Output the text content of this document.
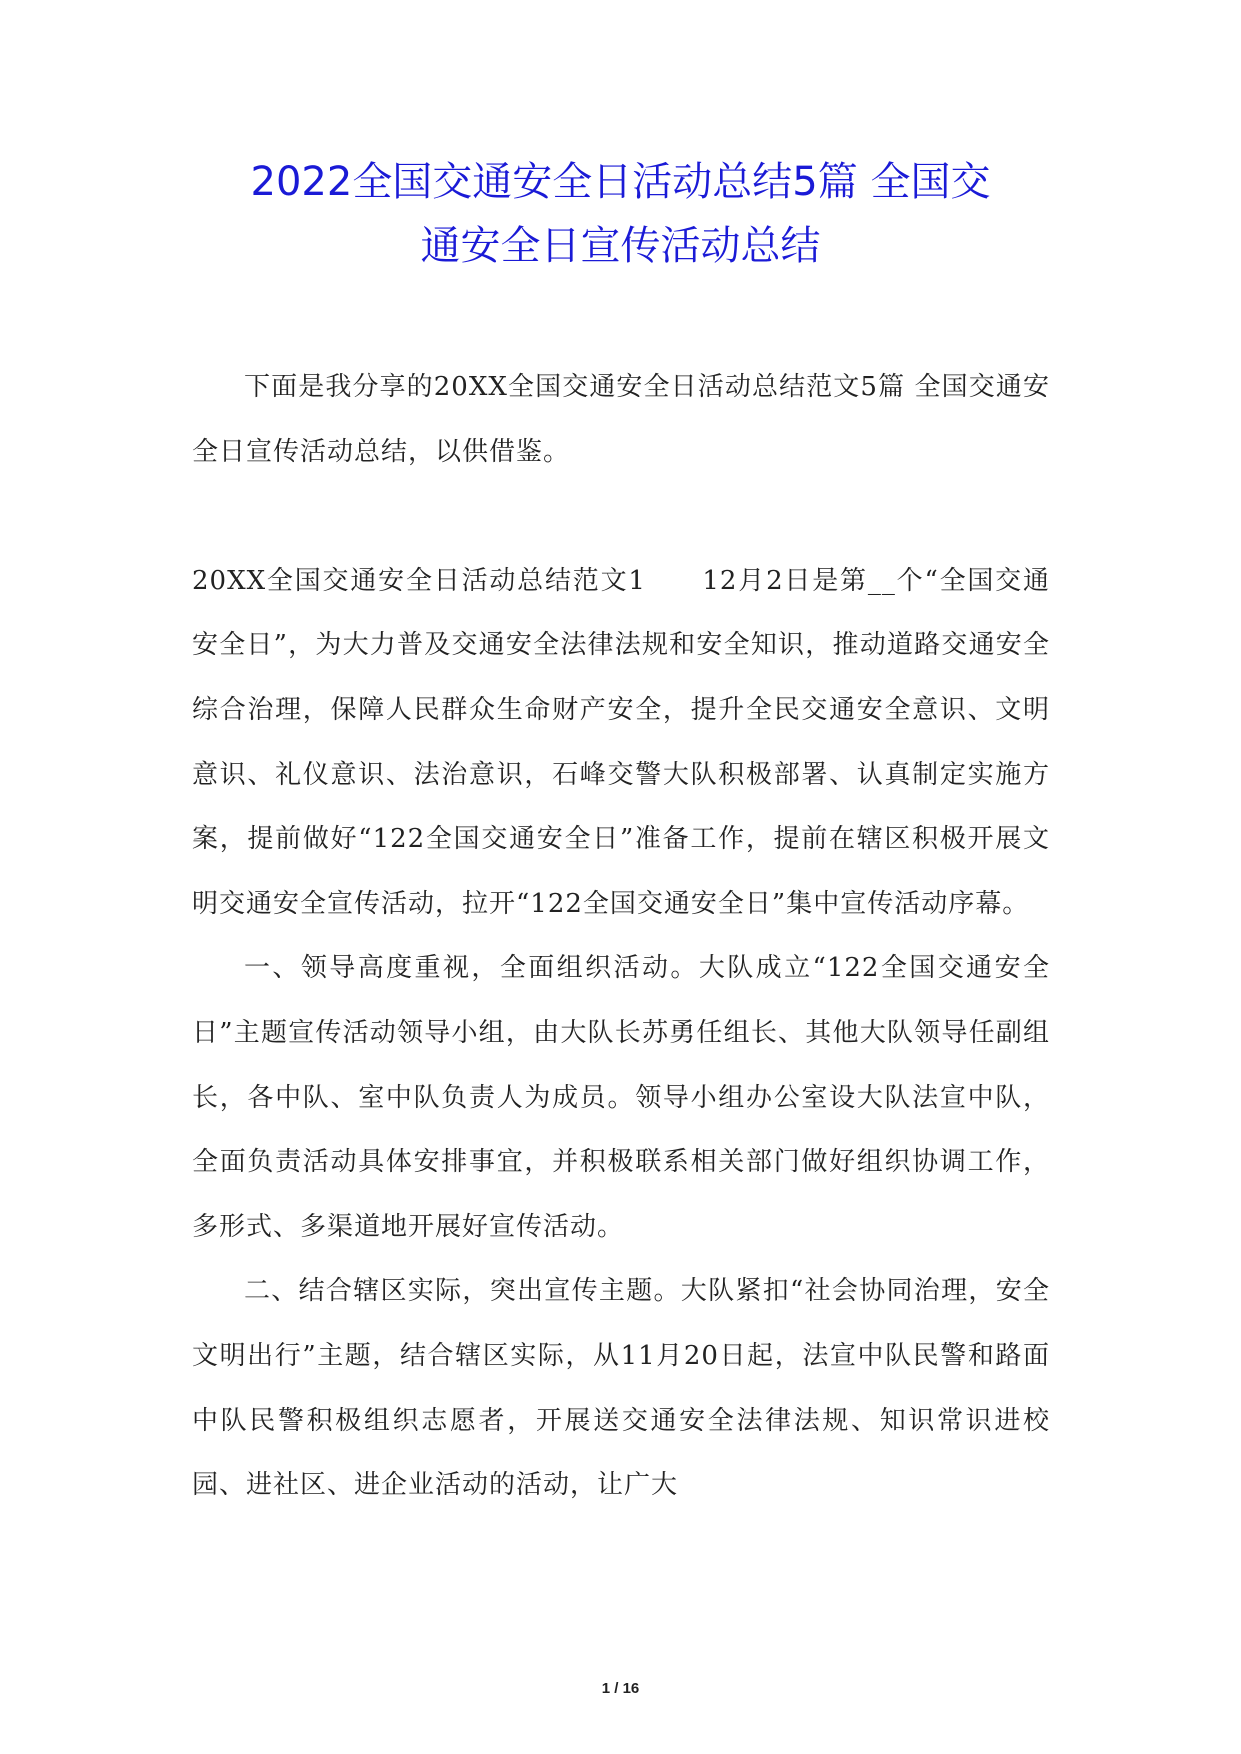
2022全国交通安全日活动总结5篇 全国交
通安全日宣传活动总结

下面是我分享的20XX全国交通安全日活动总结范文5篇 全国交通安全日宣传活动总结，以供借鉴。

20XX全国交通安全日活动总结范文1　　12月2日是第__个“全国交通安全日”，为大力普及交通安全法律法规和安全知识，推动道路交通安全综合治理，保障人民群众生命财产安全，提升全民交通安全意识、文明意识、礼仪意识、法治意识，石峰交警大队积极部署、认真制定实施方案，提前做好“122全国交通安全日”准备工作，提前在辖区积极开展文明交通安全宣传活动，拉开“122全国交通安全日”集中宣传活动序幕。

一、领导高度重视，全面组织活动。大队成立“122全国交通安全日”主题宣传活动领导小组，由大队长苏勇任组长、其他大队领导任副组长，各中队、室中队负责人为成员。领导小组办公室设大队法宣中队，全面负责活动具体安排事宜，并积极联系相关部门做好组织协调工作，多形式、多渠道地开展好宣传活动。

二、结合辖区实际，突出宣传主题。大队紧扣“社会协同治理，安全文明出行”主题，结合辖区实际，从11月20日起，法宣中队民警和路面中队民警积极组织志愿者，开展送交通安全法律法规、知识常识进校园、进社区、进企业活动的活动，让广大

1 / 16
